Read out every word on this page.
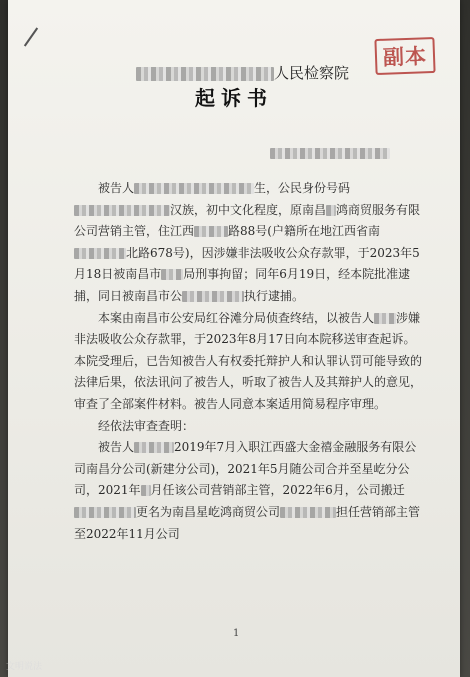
副本
人民检察院
起诉书

被告人	生，公民身份号码汉族，初中文化程度，原南昌 鸿商贸服务有限公司营销主管，住江西	路88号(户籍所在地江西省南北路678号)，因涉嫌非法吸收公众存款罪，于2023年5月18日被南昌市 局刑事拘留；同年6月19日，经本院批准逮捕，同日被南昌市公	执行逮捕。

本案由南昌市公安局红谷滩分局侦查终结，以被告人 涉嫌非法吸收公众存款罪，于2023年8月17日向本院移送审查起诉。本院受理后，已告知被告人有权委托辩护人和认罪认罚可能导致的法律后果，依法讯问了被告人，听取了被告人及其辩护人的意见，审查了全部案件材料。被告人同意本案适用简易程序审理。

经依法审查查明：

被告人	2019年7月入职江西盛大金禧金融服务有限公司南昌分公司(新建分公司)，2021年5月随公司合并至星屹分公司，2021年 月任该公司营销部主管，2022年6月，公司搬迁更名为南昌星屹鸿商贸公司	担任营销部主管至2022年11月公司

1
文明说法
